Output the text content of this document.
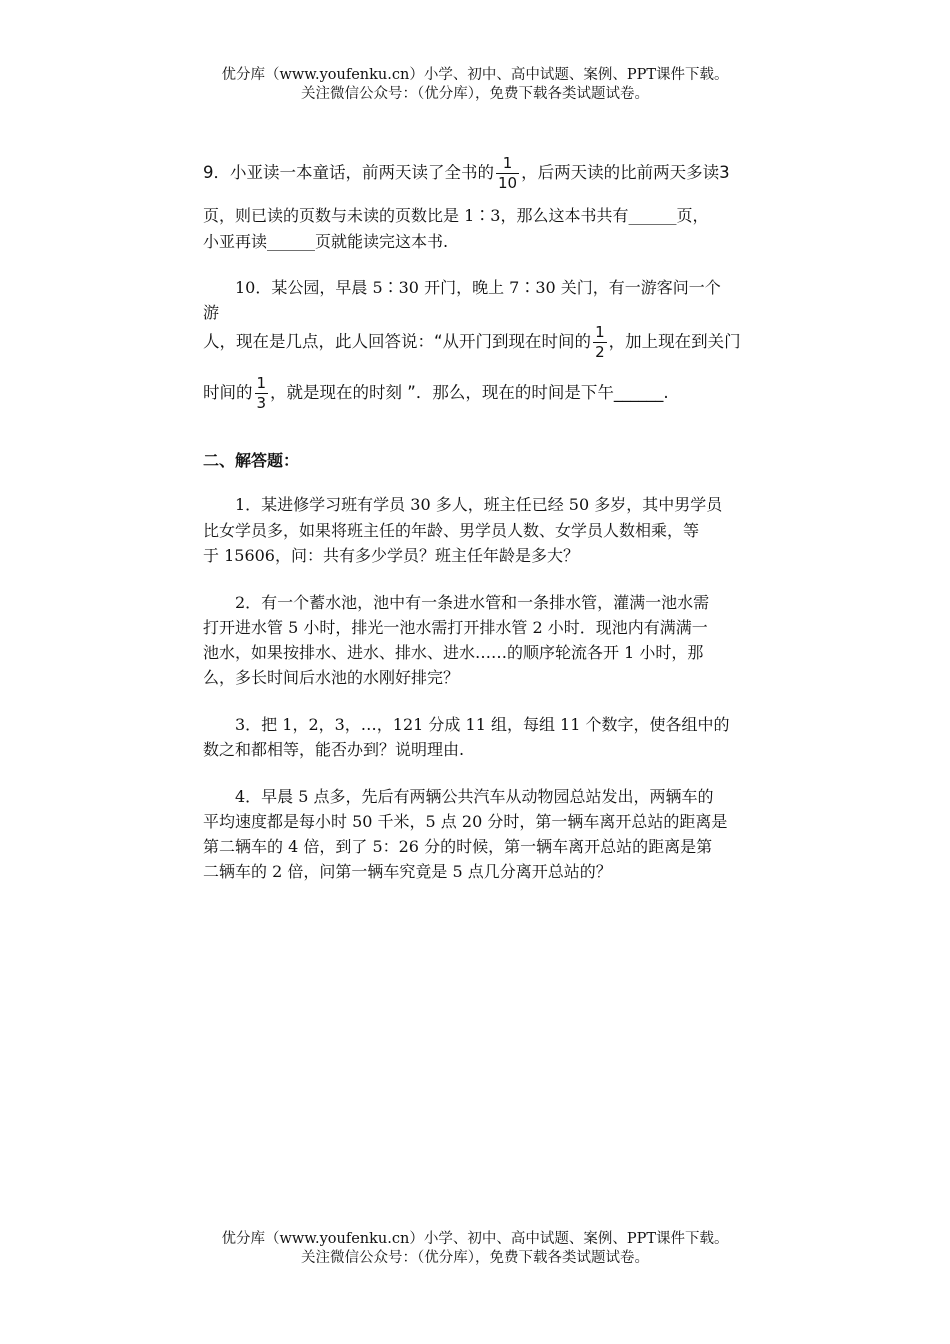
优分库（www.youfenku.cn）小学、初中、高中试题、案例、PPT课件下载。
关注微信公众号：（优分库），免费下载各类试题试卷。
9．小亚读一本童话，前两天读了全书的 $\frac{1}{10}$ ，后两天读的比前两天多读3
页，则已读的页数与未读的页数比是 1∶3，那么这本书共有______页，
小亚再读______页就能读完这本书.
10．某公园，早晨 5∶30 开门，晚上 7∶30 关门，有一游客问一个
游
人，现在是几点，此人回答说：“从开门到现在时间的 $\frac{1}{2}$ ，加上现在到关门
时间的 $\frac{1}{3}$ ，就是现在的时刻 ”．那么，现在的时间是下午______.
二、解答题：
1．某进修学习班有学员 30 多人，班主任已经 50 多岁，其中男学员
比女学员多，如果将班主任的年龄、男学员人数、女学员人数相乘，等
于 15606，问：共有多少学员？班主任年龄是多大？
2．有一个蓄水池，池中有一条进水管和一条排水管，灌满一池水需
打开进水管 5 小时，排光一池水需打开排水管 2 小时．现池内有满满一
池水，如果按排水、进水、排水、进水……的顺序轮流各开 1 小时，那
么，多长时间后水池的水刚好排完？
3．把 1，2，3，…，121 分成 11 组，每组 11 个数字，使各组中的
数之和都相等，能否办到？说明理由.
4．早晨 5 点多，先后有两辆公共汽车从动物园总站发出，两辆车的
平均速度都是每小时 50 千米，5 点 20 分时，第一辆车离开总站的距离是
第二辆车的 4 倍，到了 5：26 分的时候，第一辆车离开总站的距离是第
二辆车的 2 倍，问第一辆车究竟是 5 点几分离开总站的？
优分库（www.youfenku.cn）小学、初中、高中试题、案例、PPT课件下载。
关注微信公众号：（优分库），免费下载各类试题试卷。
